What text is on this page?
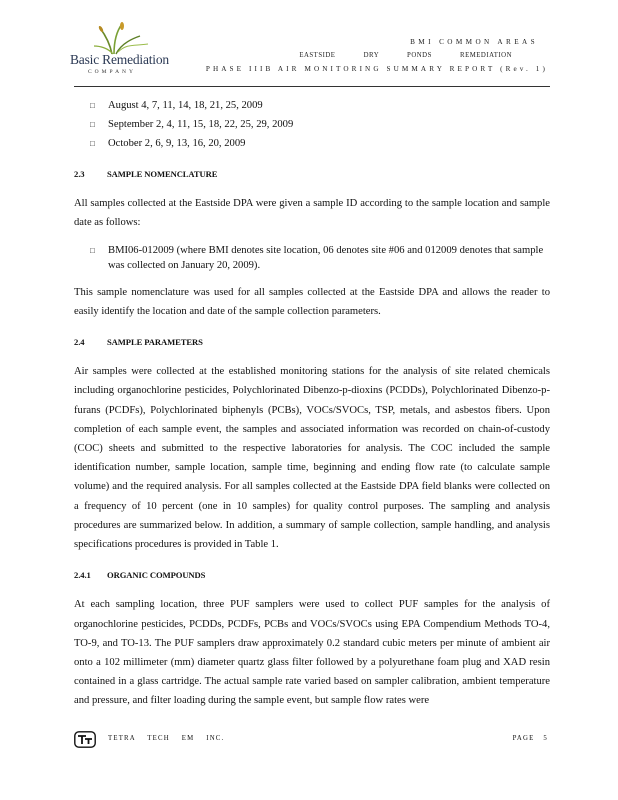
Basic Remediation
COMPANY
BMI COMMON AREAS
EASTSIDE DRY PONDS REMEDIATION
PHASE IIIB AIR MONITORING SUMMARY REPORT (Rev. 1)
□ August 4, 7, 11, 14, 18, 21, 25, 2009
□ September 2, 4, 11, 15, 18, 22, 25, 29, 2009
□ October 2, 6, 9, 13, 16, 20, 2009
2.3	SAMPLE NOMENCLATURE

All samples collected at the Eastside DPA were given a sample ID according to the sample location and sample date as follows:

□ BMI06-012009 (where BMI denotes site location, 06 denotes site #06 and 012009 denotes that sample was collected on January 20, 2009).

This sample nomenclature was used for all samples collected at the Eastside DPA and allows the reader to easily identify the location and date of the sample collection parameters.

2.4	SAMPLE PARAMETERS

Air samples were collected at the established monitoring stations for the analysis of site related chemicals including organochlorine pesticides, Polychlorinated Dibenzo-p-dioxins (PCDDs), Polychlorinated Dibenzo-p-furans (PCDFs), Polychlorinated biphenyls (PCBs), VOCs/SVOCs, TSP, metals, and asbestos fibers. Upon completion of each sample event, the samples and associated information was recorded on chain-of-custody (COC) sheets and submitted to the respective laboratories for analysis. The COC included the sample identification number, sample location, sample time, beginning and ending flow rate (to calculate sample volume) and the required analysis. For all samples collected at the Eastside DPA field blanks were collected on a frequency of 10 percent (one in 10 samples) for quality control purposes. The sampling and analysis procedures are summarized below. In addition, a summary of sample collection, sample handling, and analysis specifications procedures is provided in Table 1.

2.4.1 ORGANIC COMPOUNDS

At each sampling location, three PUF samplers were used to collect PUF samples for the analysis of organochlorine pesticides, PCDDs, PCDFs, PCBs and VOCs/SVOCs using EPA Compendium Methods TO-4, TO-9, and TO-13. The PUF samplers draw approximately 0.2 standard cubic meters per minute of ambient air onto a 102 millimeter (mm) diameter quartz glass filter followed by a polyurethane foam plug and XAD resin contained in a glass cartridge. The actual sample rate varied based on sampler calibration, ambient temperature and pressure, and filter loading during the sample event, but sample flow rates were

TETRA TECH EM INC.	PAGE 5
